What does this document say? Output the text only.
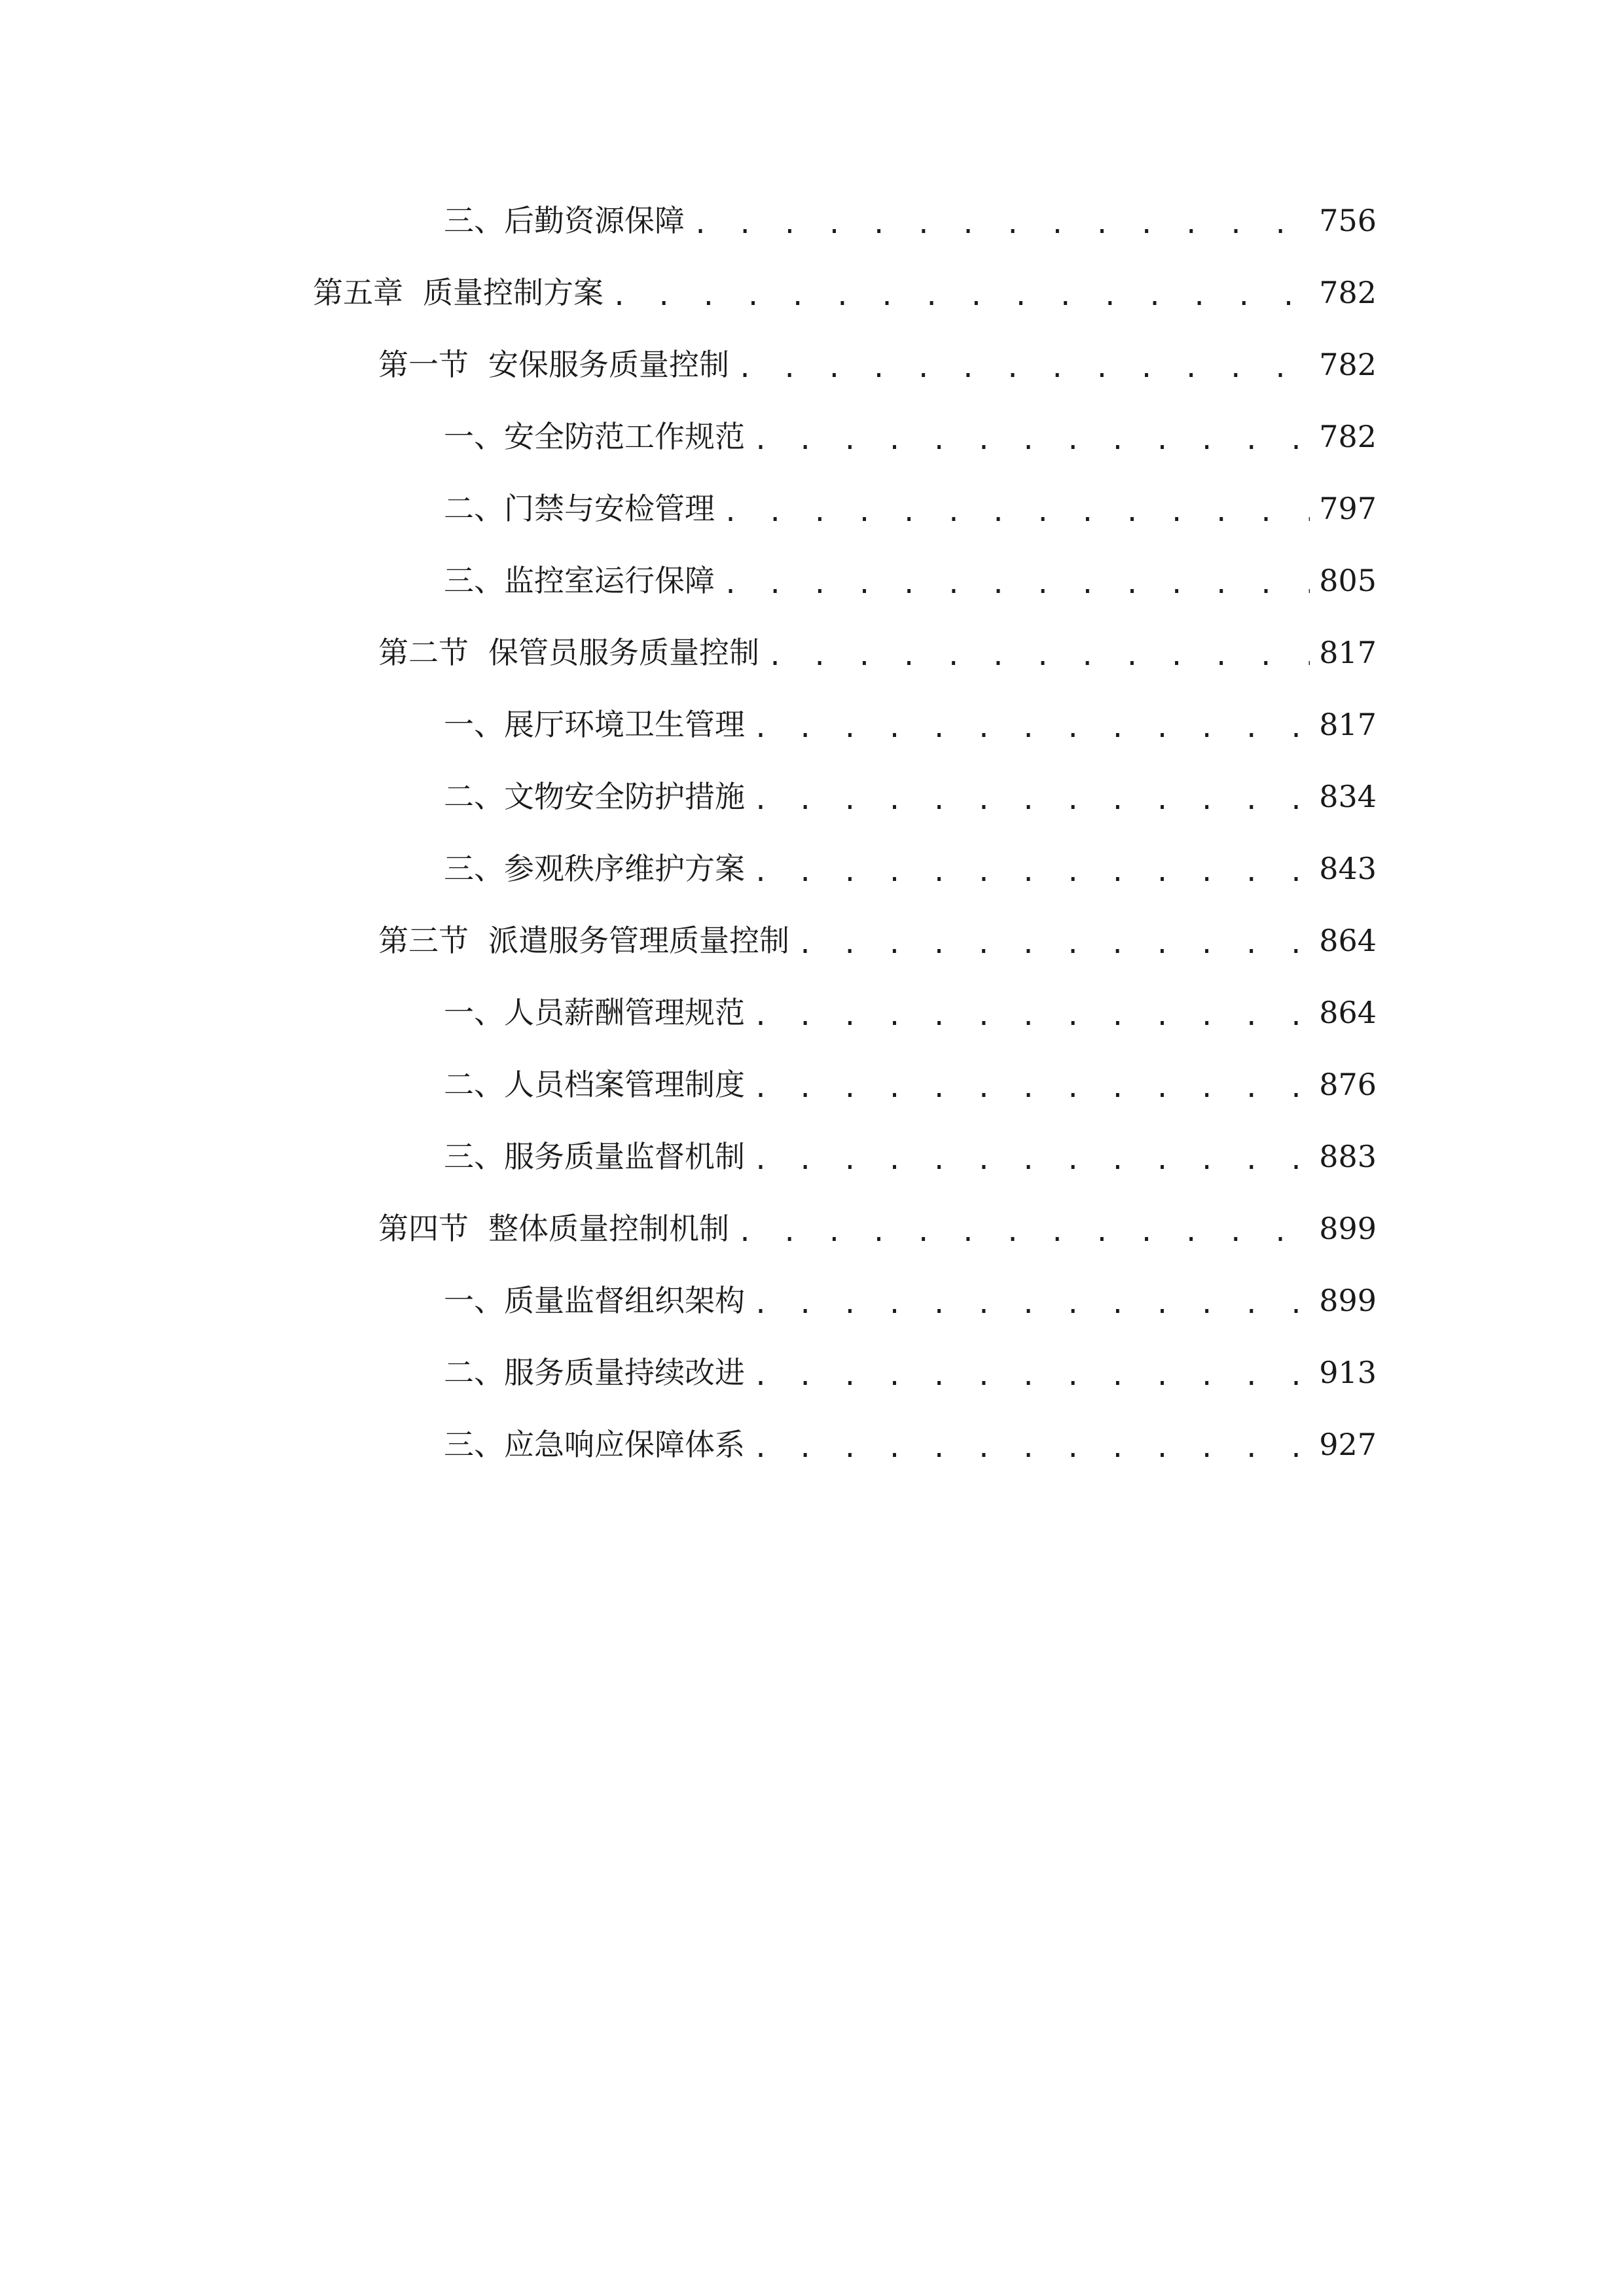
三、 后勤资源保障 . . .	756
第五章 质量控制方案 . . .	782
第一节 安保服务质量控制 . . .	782
一、 安全防范工作规范 . . .	782
二、 门禁与安检管理 . . .	797
三、 监控室运行保障 . . .	805
第二节 保管员服务质量控制 . . .	817
一、 展厅环境卫生管理 . . .	817
二、 文物安全防护措施 . . .	834
三、 参观秩序维护方案 . . .	843
第三节 派遣服务管理质量控制 . . .	864
一、 人员薪酬管理规范 . . .	864
二、 人员档案管理制度 . . .	876
三、 服务质量监督机制 . . .	883
第四节 整体质量控制机制 . . .	899
一、 质量监督组织架构 . . .	899
二、 服务质量持续改进 . . .	913
三、 应急响应保障体系 . . .	927
